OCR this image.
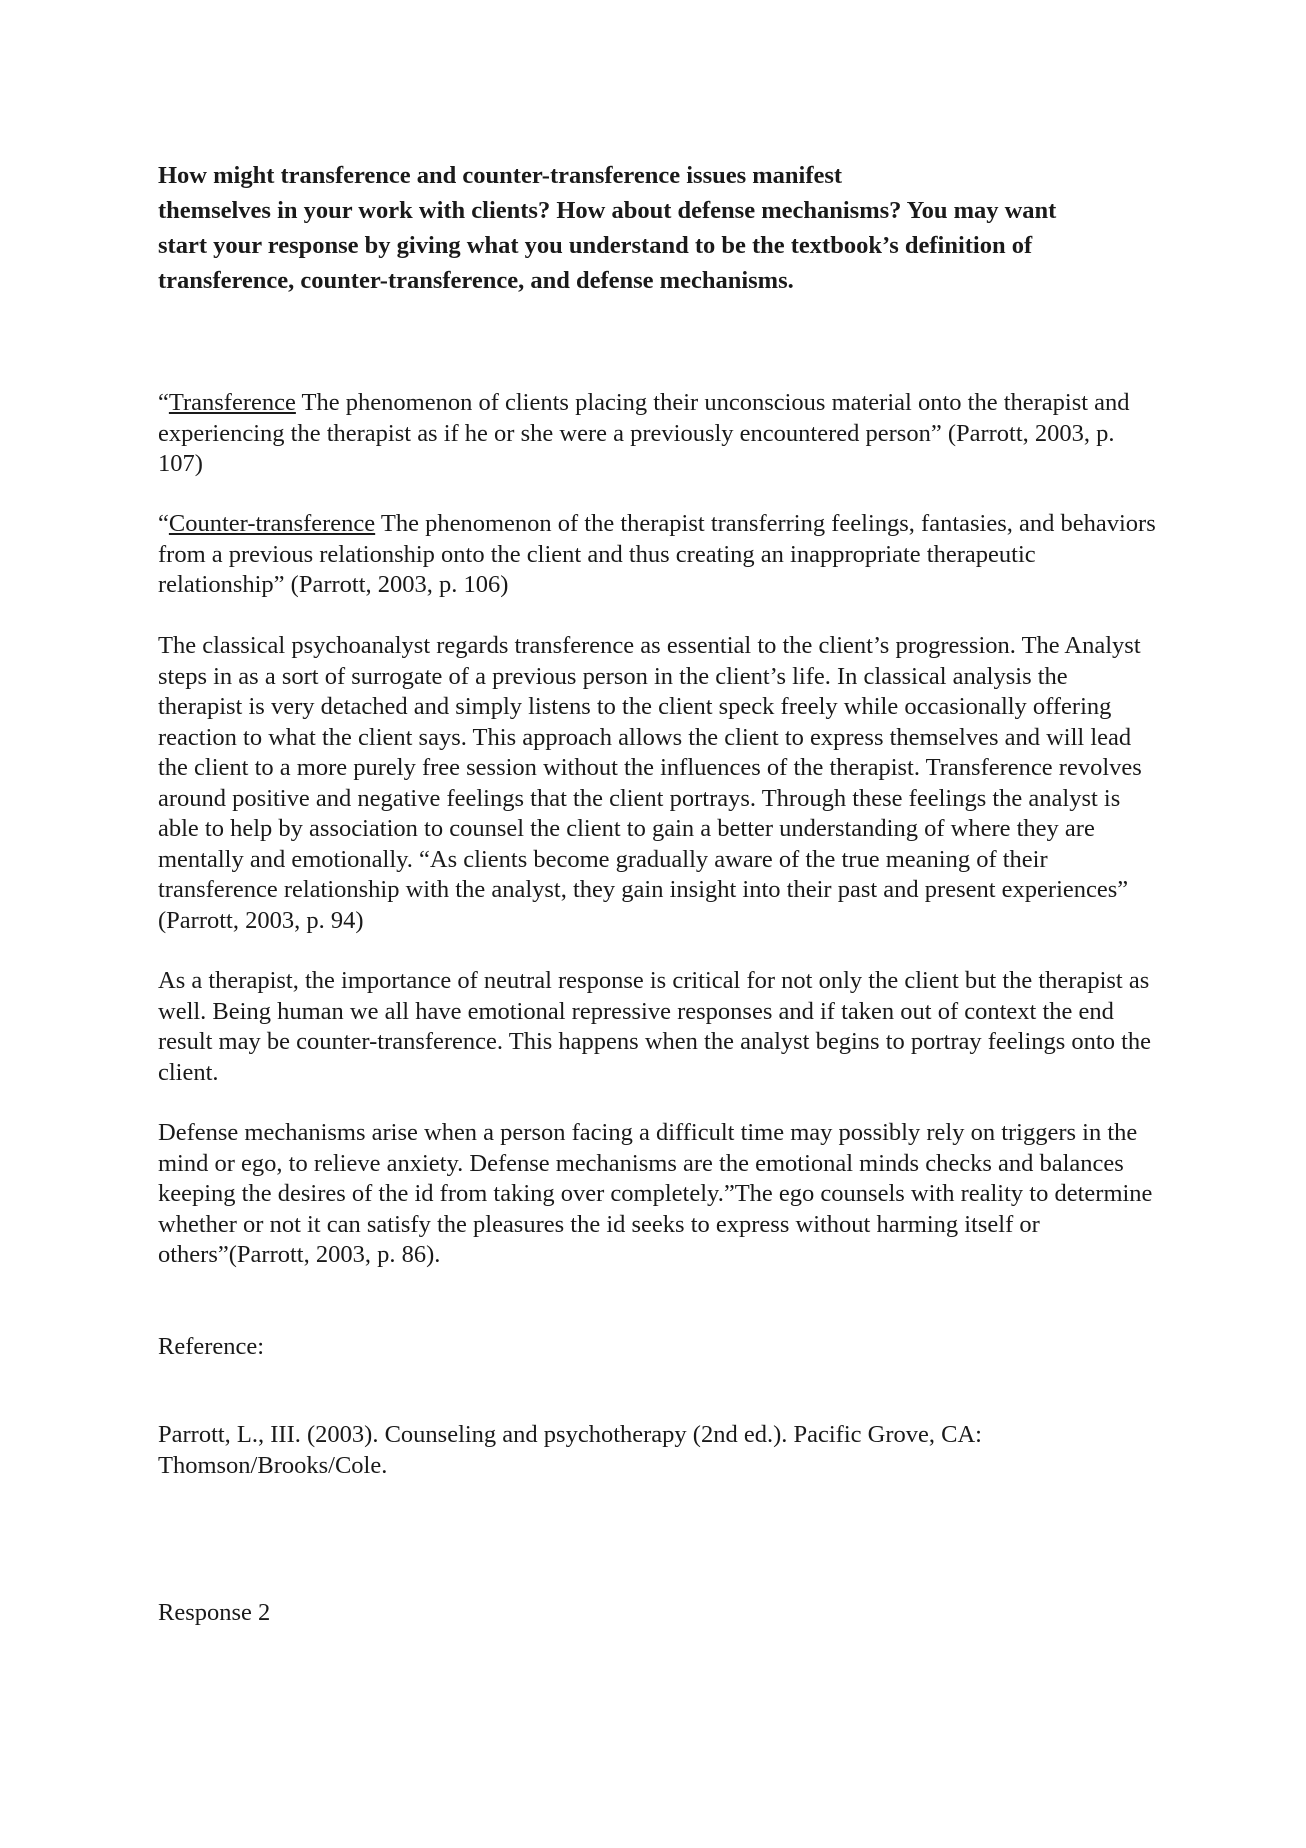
How might transference and counter-transference issues manifest
themselves in your work with clients? How about defense mechanisms? You may want
start your response by giving what you understand to be the textbook’s definition of
transference, counter-transference, and defense mechanisms.

“Transference The phenomenon of clients placing their unconscious material onto the therapist and experiencing the therapist as if he or she were a previously encountered person” (Parrott, 2003, p. 107)

“Counter-transference The phenomenon of the therapist transferring feelings, fantasies, and behaviors from a previous relationship onto the client and thus creating an inappropriate therapeutic relationship” (Parrott, 2003, p. 106)

The classical psychoanalyst regards transference as essential to the client’s progression. The Analyst steps in as a sort of surrogate of a previous person in the client’s life. In classical analysis the therapist is very detached and simply listens to the client speck freely while occasionally offering reaction to what the client says. This approach allows the client to express themselves and will lead the client to a more purely free session without the influences of the therapist. Transference revolves around positive and negative feelings that the client portrays. Through these feelings the analyst is able to help by association to counsel the client to gain a better understanding of where they are mentally and emotionally. “As clients become gradually aware of the true meaning of their transference relationship with the analyst, they gain insight into their past and present experiences” (Parrott, 2003, p. 94)

As a therapist, the importance of neutral response is critical for not only the client but the therapist as well. Being human we all have emotional repressive responses and if taken out of context the end result may be counter-transference. This happens when the analyst begins to portray feelings onto the client.

Defense mechanisms arise when a person facing a difficult time may possibly rely on triggers in the mind or ego, to relieve anxiety. Defense mechanisms are the emotional minds checks and balances keeping the desires of the id from taking over completely.”The ego counsels with reality to determine whether or not it can satisfy the pleasures the id seeks to express without harming itself or others”(Parrott, 2003, p. 86).

Reference:

Parrott, L., III. (2003). Counseling and psychotherapy (2nd ed.). Pacific Grove, CA: Thomson/Brooks/Cole.

Response 2
